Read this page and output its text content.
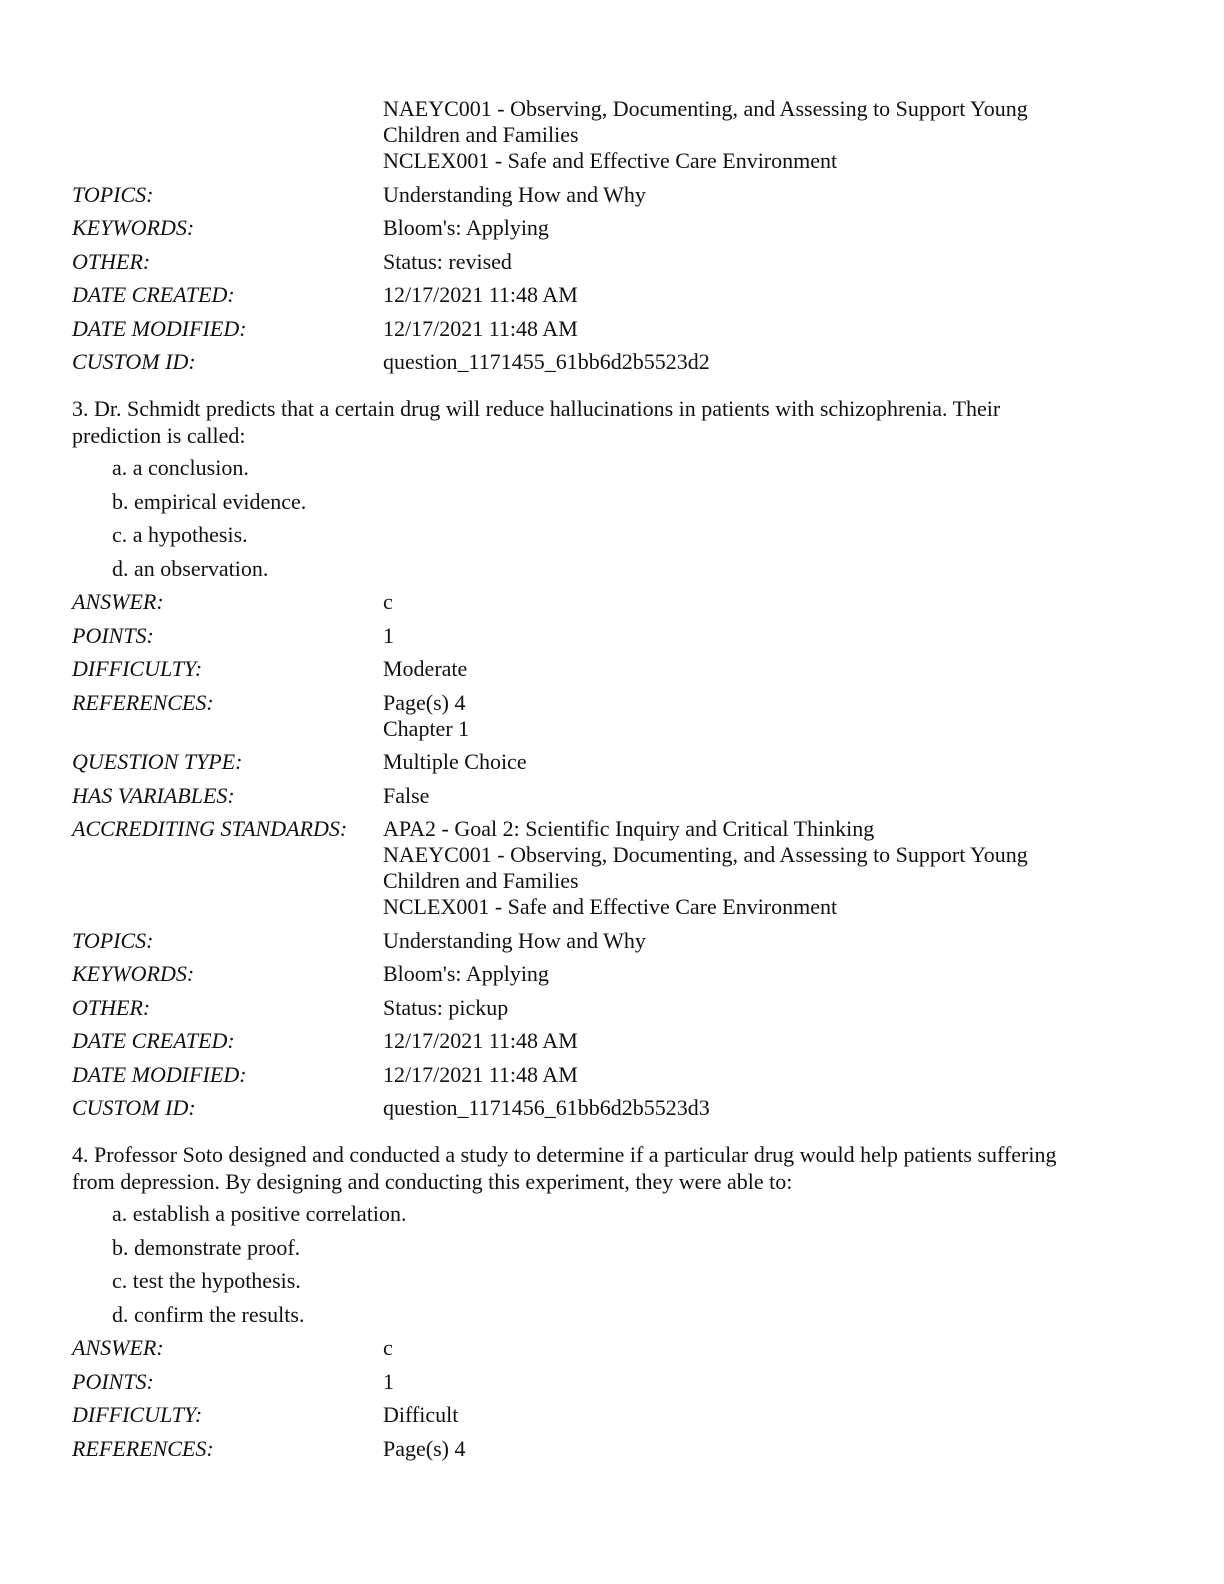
NAEYC001 - Observing, Documenting, and Assessing to Support Young
Children and Families
NCLEX001 - Safe and Effective Care Environment
TOPICS:	Understanding How and Why
KEYWORDS:	Bloom's: Applying
OTHER:	Status: revised
DATE CREATED:	12/17/2021 11:48 AM
DATE MODIFIED:	12/17/2021 11:48 AM
CUSTOM ID:	question_1171455_61bb6d2b5523d2
3. Dr. Schmidt predicts that a certain drug will reduce hallucinations in patients with schizophrenia. Their
prediction is called:
a. a conclusion.
b. empirical evidence.
c. a hypothesis.
d. an observation.
ANSWER:	c
POINTS:	1
DIFFICULTY:	Moderate
REFERENCES:	Page(s) 4
Chapter 1
QUESTION TYPE:	Multiple Choice
HAS VARIABLES:	False
ACCREDITING STANDARDS:	APA2 - Goal 2: Scientific Inquiry and Critical Thinking
NAEYC001 - Observing, Documenting, and Assessing to Support Young
Children and Families
NCLEX001 - Safe and Effective Care Environment
TOPICS:	Understanding How and Why
KEYWORDS:	Bloom's: Applying
OTHER:	Status: pickup
DATE CREATED:	12/17/2021 11:48 AM
DATE MODIFIED:	12/17/2021 11:48 AM
CUSTOM ID:	question_1171456_61bb6d2b5523d3
4. Professor Soto designed and conducted a study to determine if a particular drug would help patients suffering
from depression. By designing and conducting this experiment, they were able to:
a. establish a positive correlation.
b. demonstrate proof.
c. test the hypothesis.
d. confirm the results.
ANSWER:	c
POINTS:	1
DIFFICULTY:	Difficult
REFERENCES:	Page(s) 4
